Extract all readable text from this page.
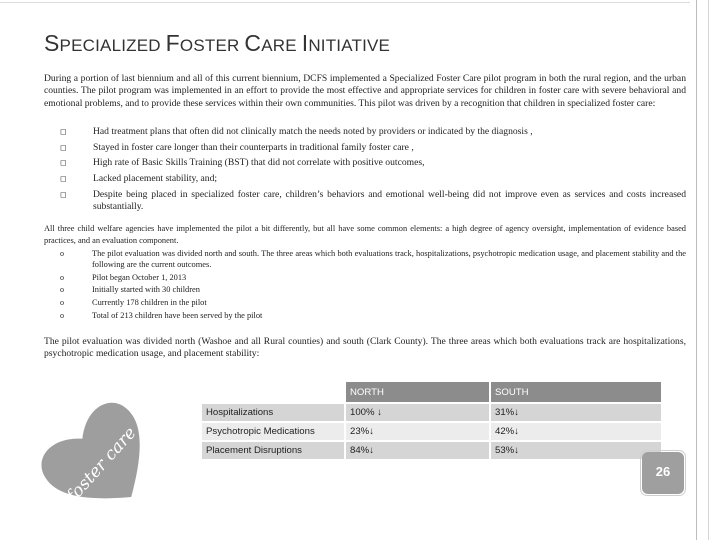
SPECIALIZED FOSTER CARE INITIATIVE
During a portion of last biennium and all of this current biennium, DCFS implemented a Specialized Foster Care pilot program in both the rural region, and the urban counties. The pilot program was implemented in an effort to provide the most effective and appropriate services for children in foster care with severe behavioral and emotional problems, and to provide these services within their own communities. This pilot was driven by a recognition that children in specialized foster care:
◻	Had treatment plans that often did not clinically match the needs noted by providers or indicated by the diagnosis ,
◻	Stayed in foster care longer than their counterparts in traditional family foster care ,
◻	High rate of Basic Skills Training (BST) that did not correlate with positive outcomes,
◻	Lacked placement stability, and;
◻	Despite being placed in specialized foster care, children’s behaviors and emotional well-being did not improve even as services and costs increased substantially.
All three child welfare agencies have implemented the pilot a bit differently, but all have some common elements: a high degree of agency oversight, implementation of evidence based practices, and an evaluation component.
o	The pilot evaluation was divided north and south. The three areas which both evaluations track, hospitalizations, psychotropic medication usage, and placement stability and the following are the current outcomes.
o	Pilot began October 1, 2013
o	Initially started with 30 children
o	Currently 178 children in the pilot
o	Total of 213 children have been served by the pilot
The pilot evaluation was divided north (Washoe and all Rural counties) and south (Clark County). The three areas which both evaluations track are hospitalizations, psychotropic medication usage, and placement stability:
	NORTH	SOUTH
Hospitalizations	100% ↓	31%↓
Psychotropic Medications	23%↓	42%↓
Placement Disruptions	84%↓	53%↓
foster care	26
